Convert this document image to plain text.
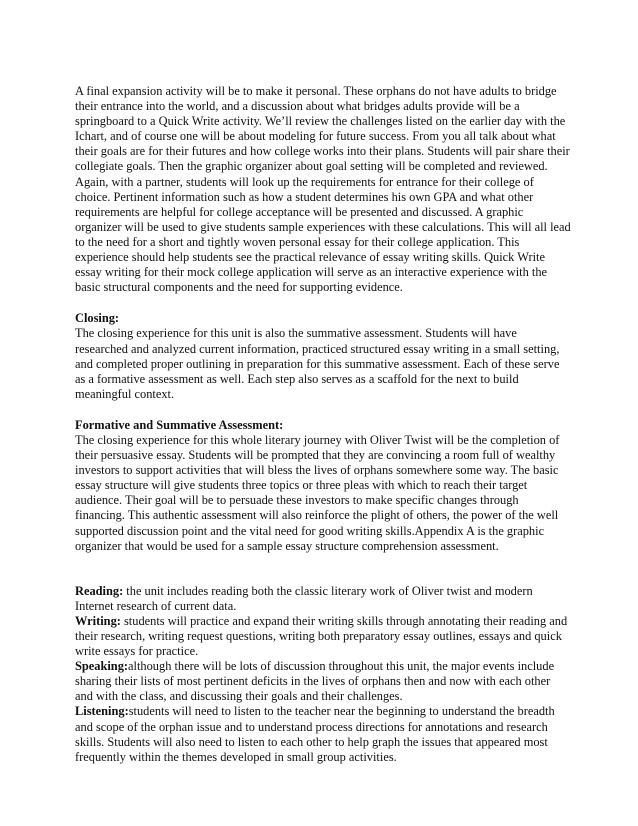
A final expansion activity will be to make it personal. These orphans do not have adults to bridge their entrance into the world, and a discussion about what bridges adults provide will be a springboard to a Quick Write activity. We’ll review the challenges listed on the earlier day with the Ichart, and of course one will be about modeling for future success. From you all talk about what their goals are for their futures and how college works into their plans. Students will pair share their collegiate goals. Then the graphic organizer about goal setting will be completed and reviewed. Again, with a partner, students will look up the requirements for entrance for their college of choice. Pertinent information such as how a student determines his own GPA and what other requirements are helpful for college acceptance will be presented and discussed. A graphic organizer will be used to give students sample experiences with these calculations. This will all lead to the need for a short and tightly woven personal essay for their college application. This experience should help students see the practical relevance of essay writing skills. Quick Write essay writing for their mock college application will serve as an interactive experience with the basic structural components and the need for supporting evidence.

Closing:

The closing experience for this unit is also the summative assessment. Students will have researched and analyzed current information, practiced structured essay writing in a small setting, and completed proper outlining in preparation for this summative assessment. Each of these serve as a formative assessment as well. Each step also serves as a scaffold for the next to build meaningful context.

Formative and Summative Assessment:

The closing experience for this whole literary journey with Oliver Twist will be the completion of their persuasive essay. Students will be prompted that they are convincing a room full of wealthy investors to support activities that will bless the lives of orphans somewhere some way. The basic essay structure will give students three topics or three pleas with which to reach their target audience. Their goal will be to persuade these investors to make specific changes through financing. This authentic assessment will also reinforce the plight of others, the power of the well supported discussion point and the vital need for good writing skills.Appendix A is the graphic organizer that would be used for a sample essay structure comprehension assessment.

Reading: the unit includes reading both the classic literary work of Oliver twist and modern Internet research of current data.

Writing: students will practice and expand their writing skills through annotating their reading and their research, writing request questions, writing both preparatory essay outlines, essays and quick write essays for practice.

Speaking:although there will be lots of discussion throughout this unit, the major events include sharing their lists of most pertinent deficits in the lives of orphans then and now with each other and with the class, and discussing their goals and their challenges.

Listening:students will need to listen to the teacher near the beginning to understand the breadth and scope of the orphan issue and to understand process directions for annotations and research skills. Students will also need to listen to each other to help graph the issues that appeared most frequently within the themes developed in small group activities.
